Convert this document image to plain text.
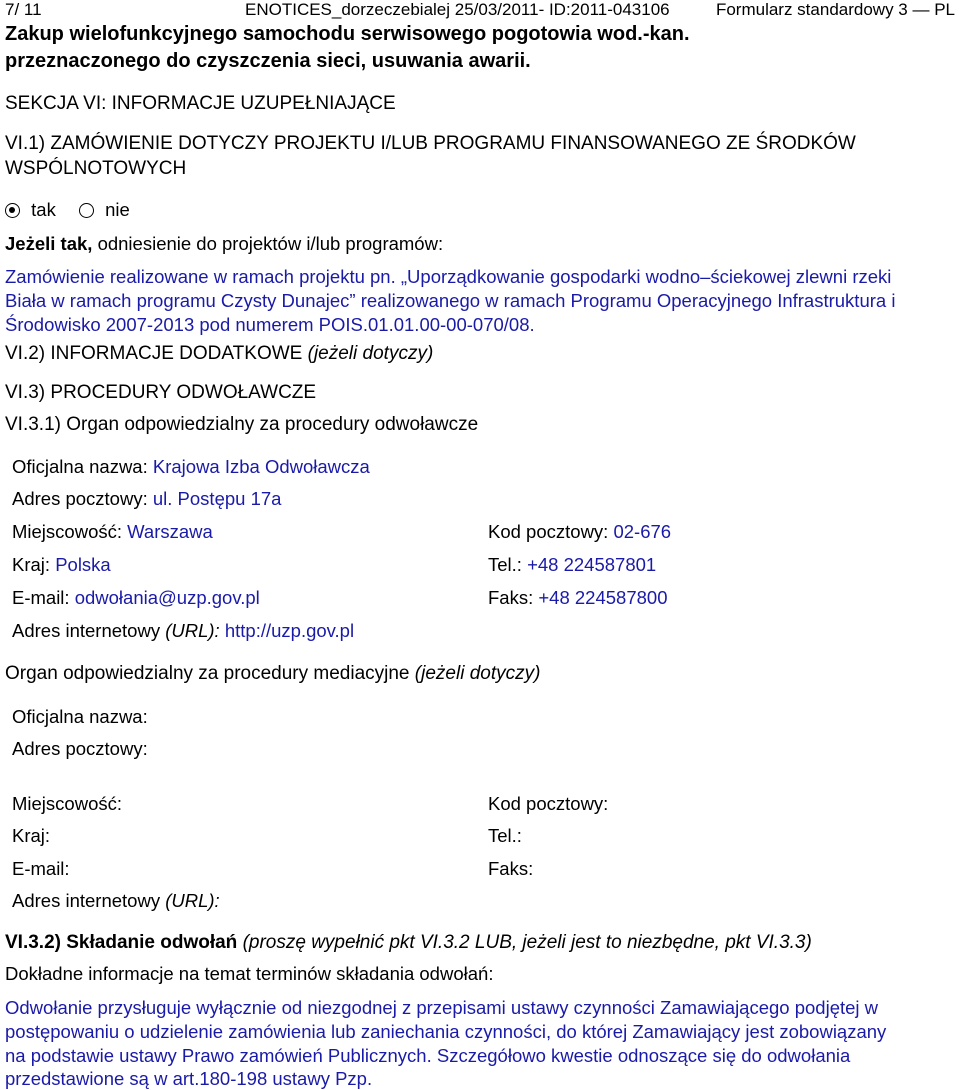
7/ 11	ENOTICES_dorzeczebialej 25/03/2011- ID:2011-043106	Formularz standardowy 3 — PL
Zakup wielofunkcyjnego samochodu serwisowego pogotowia wod.-kan.
przeznaczonego do czyszczenia sieci, usuwania awarii.
SEKCJA VI: INFORMACJE UZUPEŁNIAJĄCE
VI.1) ZAMÓWIENIE DOTYCZY PROJEKTU I/LUB PROGRAMU FINANSOWANEGO ZE ŚRODKÓW
WSPÓLNOTOWYCH
tak	nie
Jeżeli tak, odniesienie do projektów i/lub programów:
Zamówienie realizowane w ramach projektu pn. „Uporządkowanie gospodarki wodno–ściekowej zlewni rzeki
Biała w ramach programu Czysty Dunajec” realizowanego w ramach Programu Operacyjnego Infrastruktura i
Środowisko 2007-2013 pod numerem POIS.01.01.00-00-070/08.
VI.2) INFORMACJE DODATKOWE (jeżeli dotyczy)
VI.3) PROCEDURY ODWOŁAWCZE
VI.3.1) Organ odpowiedzialny za procedury odwoławcze
Oficjalna nazwa: Krajowa Izba Odwoławcza
Adres pocztowy: ul. Postępu 17a
Miejscowość: Warszawa	Kod pocztowy: 02-676
Kraj: Polska	Tel.: +48 224587801
E-mail: odwołania@uzp.gov.pl	Faks: +48 224587800
Adres internetowy (URL): http://uzp.gov.pl
Organ odpowiedzialny za procedury mediacyjne (jeżeli dotyczy)
Oficjalna nazwa:
Adres pocztowy:
Miejscowość:	Kod pocztowy:
Kraj:	Tel.:
E-mail:	Faks:
Adres internetowy (URL):
VI.3.2) Składanie odwołań (proszę wypełnić pkt VI.3.2 LUB, jeżeli jest to niezbędne, pkt VI.3.3)
Dokładne informacje na temat terminów składania odwołań:
Odwołanie przysługuje wyłącznie od niezgodnej z przepisami ustawy czynności Zamawiającego podjętej w
postępowaniu o udzielenie zamówienia lub zaniechania czynności, do której Zamawiający jest zobowiązany
na podstawie ustawy Prawo zamówień Publicznych. Szczegółowo kwestie odnoszące się do odwołania
przedstawione są w art.180-198 ustawy Pzp.
